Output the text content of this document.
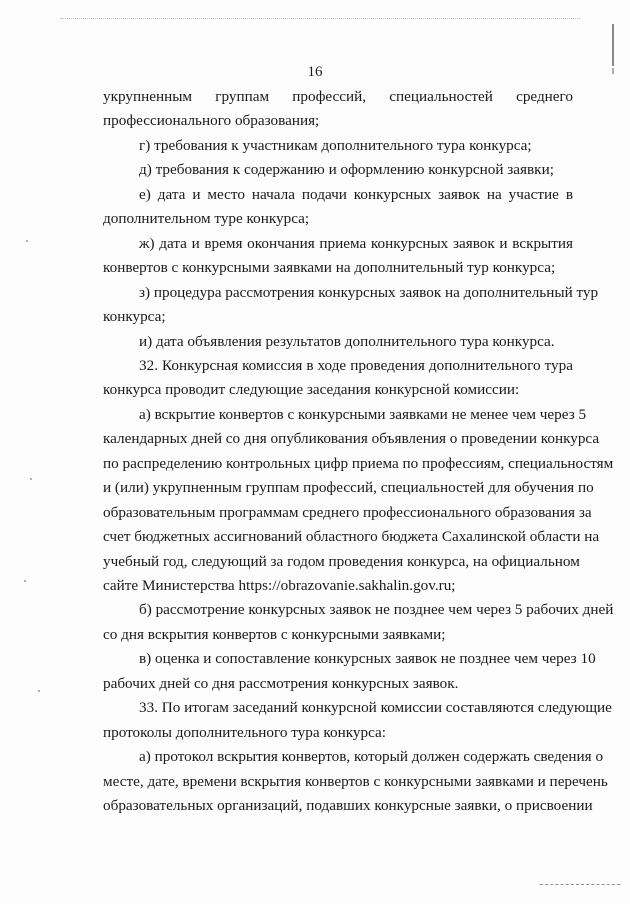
16
укрупненным группам профессий, специальностей среднего
профессионального образования;
г) требования к участникам дополнительного тура конкурса;
д) требования к содержанию и оформлению конкурсной заявки;
е) дата и место начала подачи конкурсных заявок на участие в
дополнительном туре конкурса;
ж) дата и время окончания приема конкурсных заявок и вскрытия
конвертов с конкурсными заявками на дополнительный тур конкурса;
з) процедура рассмотрения конкурсных заявок на дополнительный тур
конкурса;
и) дата объявления результатов дополнительного тура конкурса.
32. Конкурсная комиссия в ходе проведения дополнительного тура
конкурса проводит следующие заседания конкурсной комиссии:
а) вскрытие конвертов с конкурсными заявками не менее чем через 5
календарных дней со дня опубликования объявления о проведении конкурса
по распределению контрольных цифр приема по профессиям, специальностям
и (или) укрупненным группам профессий, специальностей для обучения по
образовательным программам среднего профессионального образования за
счет бюджетных ассигнований областного бюджета Сахалинской области на
учебный год, следующий за годом проведения конкурса, на официальном
сайте Министерства https://obrazovanie.sakhalin.gov.ru;
б) рассмотрение конкурсных заявок не позднее чем через 5 рабочих дней
со дня вскрытия конвертов с конкурсными заявками;
в) оценка и сопоставление конкурсных заявок не позднее чем через 10
рабочих дней со дня рассмотрения конкурсных заявок.
33. По итогам заседаний конкурсной комиссии составляются следующие
протоколы дополнительного тура конкурса:
а) протокол вскрытия конвертов, который должен содержать сведения о
месте, дате, времени вскрытия конвертов с конкурсными заявками и перечень
образовательных организаций, подавших конкурсные заявки, о присвоении
